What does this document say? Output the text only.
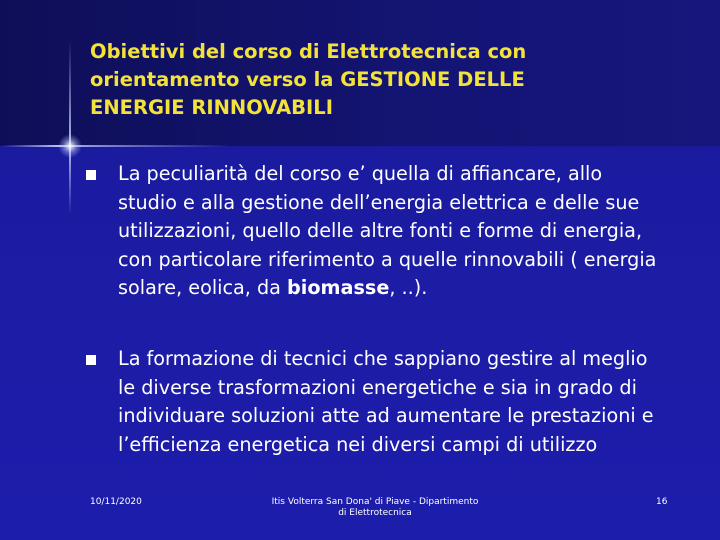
Obiettivi del corso di Elettrotecnica con
orientamento verso la GESTIONE DELLE
ENERGIE RINNOVABILI
La peculiarità del corso e’ quella di affiancare, allo
studio e alla gestione dell’energia elettrica e delle sue
utilizzazioni, quello delle altre fonti e forme di energia,
con particolare riferimento a quelle rinnovabili ( energia
solare, eolica, da biomasse, ..).
La formazione di tecnici che sappiano gestire al meglio
le diverse trasformazioni energetiche e sia in grado di
individuare soluzioni atte ad aumentare le prestazioni e
l’efficienza energetica nei diversi campi di utilizzo
10/11/2020	Itis Volterra San Dona' di Piave - Dipartimento
di Elettrotecnica
16
